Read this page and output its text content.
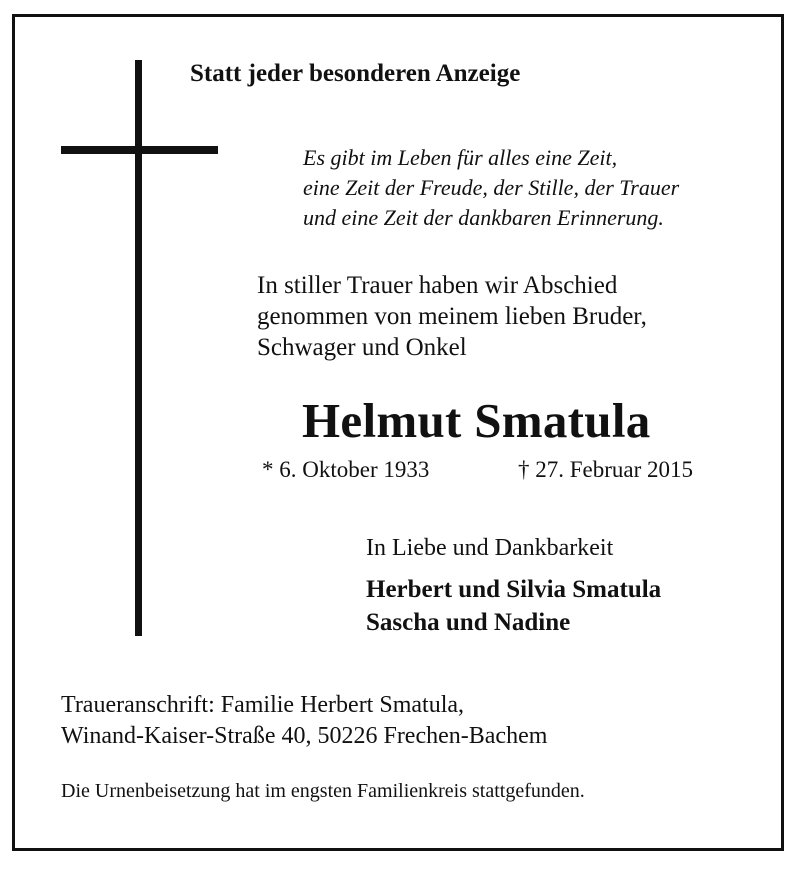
Statt jeder besonderen Anzeige
Es gibt im Leben für alles eine Zeit,
eine Zeit der Freude, der Stille, der Trauer
und eine Zeit der dankbaren Erinnerung.
In stiller Trauer haben wir Abschied
genommen von meinem lieben Bruder,
Schwager und Onkel
Helmut Smatula
* 6. Oktober 1933	† 27. Februar 2015
In Liebe und Dankbarkeit
Herbert und Silvia Smatula
Sascha und Nadine
Traueranschrift: Familie Herbert Smatula,
Winand-Kaiser-Straße 40, 50226 Frechen-Bachem
Die Urnenbeisetzung hat im engsten Familienkreis stattgefunden.
